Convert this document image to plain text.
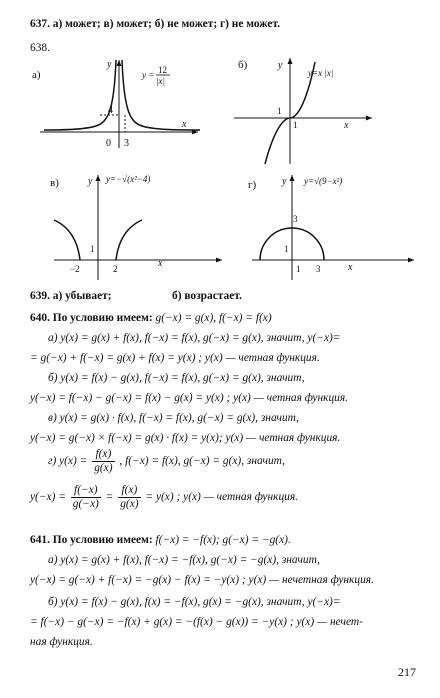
637. а) может; в) может; б) не может; г) не может.
638.
а)
y
x
4
0 3
y = 12
|x|
б)	y
x
y=x |x|
1
1
в)	y
x
y=−√(x²−4)
1
−2	2
г)	y
x
y=√(9−x²)
3
1
1 3
639. а) убывает;	б) возрастает.
640. По условию имеем: g(−x) = g(x), f(−x) = f(x)
а) y(x) = g(x) + f(x), f(−x) = f(x), g(−x) = g(x), значит, y(−x)=
= g(−x) + f(−x) = g(x) + f(x) = y(x) ; y(x) — четная функция.
б) y(x) = f(x) − g(x), f(−x) = f(x), g(−x) = g(x), значит,
y(−x) = f(−x) − g(−x) = f(x) − g(x) = y(x) ; y(x) — четная функция.
в) y(x) = g(x) · f(x), f(−x) = f(x), g(−x) = g(x), значит,
y(−x) = g(−x) × f(−x) = g(x) · f(x) = y(x); y(x) — четная функция.
г) $y(x) = \frac{f(x)}{g(x)}$ , f(−x) = f(x), g(−x) = g(x), значит,
$y(-x) = \frac{f(-x)}{g(-x)} = \frac{f(x)}{g(x)} = y(x)$ ; y(x) — четная функция.
641. По условию имеем: f(−x) = −f(x); g(−x) = −g(x).
а) y(x) = g(x) + f(x), f(−x) = −f(x), g(−x) = −g(x), значит,
y(−x) = g(−x) + f(−x) = −g(x) − f(x) = −y(x) ; y(x) — нечетная функция.
б) y(x) = f(x) − g(x), f(x) = −f(x), g(x) = −g(x), значит, y(−x)=
= f(−x) − g(−x) = −f(x) + g(x) = −(f(x) − g(x)) = −y(x) ; y(x) — нечет-
ная функция.
217
